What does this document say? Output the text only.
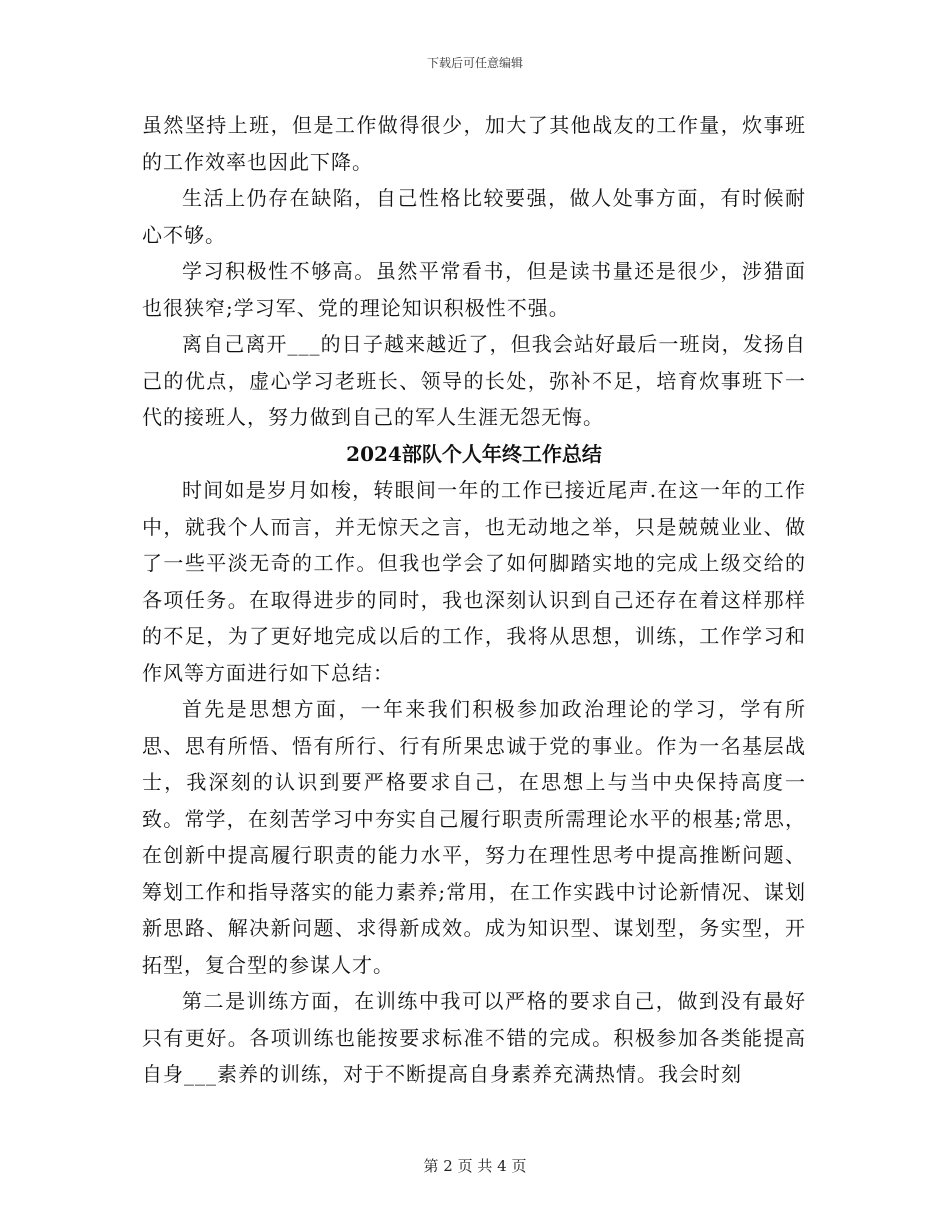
下载后可任意编辑

虽然坚持上班，但是工作做得很少，加大了其他战友的工作量，炊事班的工作效率也因此下降。

生活上仍存在缺陷，自己性格比较要强，做人处事方面，有时候耐心不够。

学习积极性不够高。虽然平常看书，但是读书量还是很少，涉猎面也很狭窄;学习军、党的理论知识积极性不强。

离自己离开___的日子越来越近了，但我会站好最后一班岗，发扬自己的优点，虚心学习老班长、领导的长处，弥补不足，培育炊事班下一代的接班人，努力做到自己的军人生涯无怨无悔。

2024部队个人年终工作总结

时间如是岁月如梭，转眼间一年的工作已接近尾声.在这一年的工作中，就我个人而言，并无惊天之言，也无动地之举，只是兢兢业业、做了一些平淡无奇的工作。但我也学会了如何脚踏实地的完成上级交给的各项任务。在取得进步的同时，我也深刻认识到自己还存在着这样那样的不足，为了更好地完成以后的工作，我将从思想，训练，工作学习和作风等方面进行如下总结：

首先是思想方面，一年来我们积极参加政治理论的学习，学有所思、思有所悟、悟有所行、行有所果忠诚于党的事业。作为一名基层战士，我深刻的认识到要严格要求自己，在思想上与当中央保持高度一致。常学，在刻苦学习中夯实自己履行职责所需理论水平的根基;常思，在创新中提高履行职责的能力水平，努力在理性思考中提高推断问题、筹划工作和指导落实的能力素养;常用，在工作实践中讨论新情况、谋划新思路、解决新问题、求得新成效。成为知识型、谋划型，务实型，开拓型，复合型的参谋人才。

第二是训练方面，在训练中我可以严格的要求自己，做到没有最好只有更好。各项训练也能按要求标准不错的完成。积极参加各类能提高自身___素养的训练，对于不断提高自身素养充满热情。我会时刻

第 2 页 共 4 页
